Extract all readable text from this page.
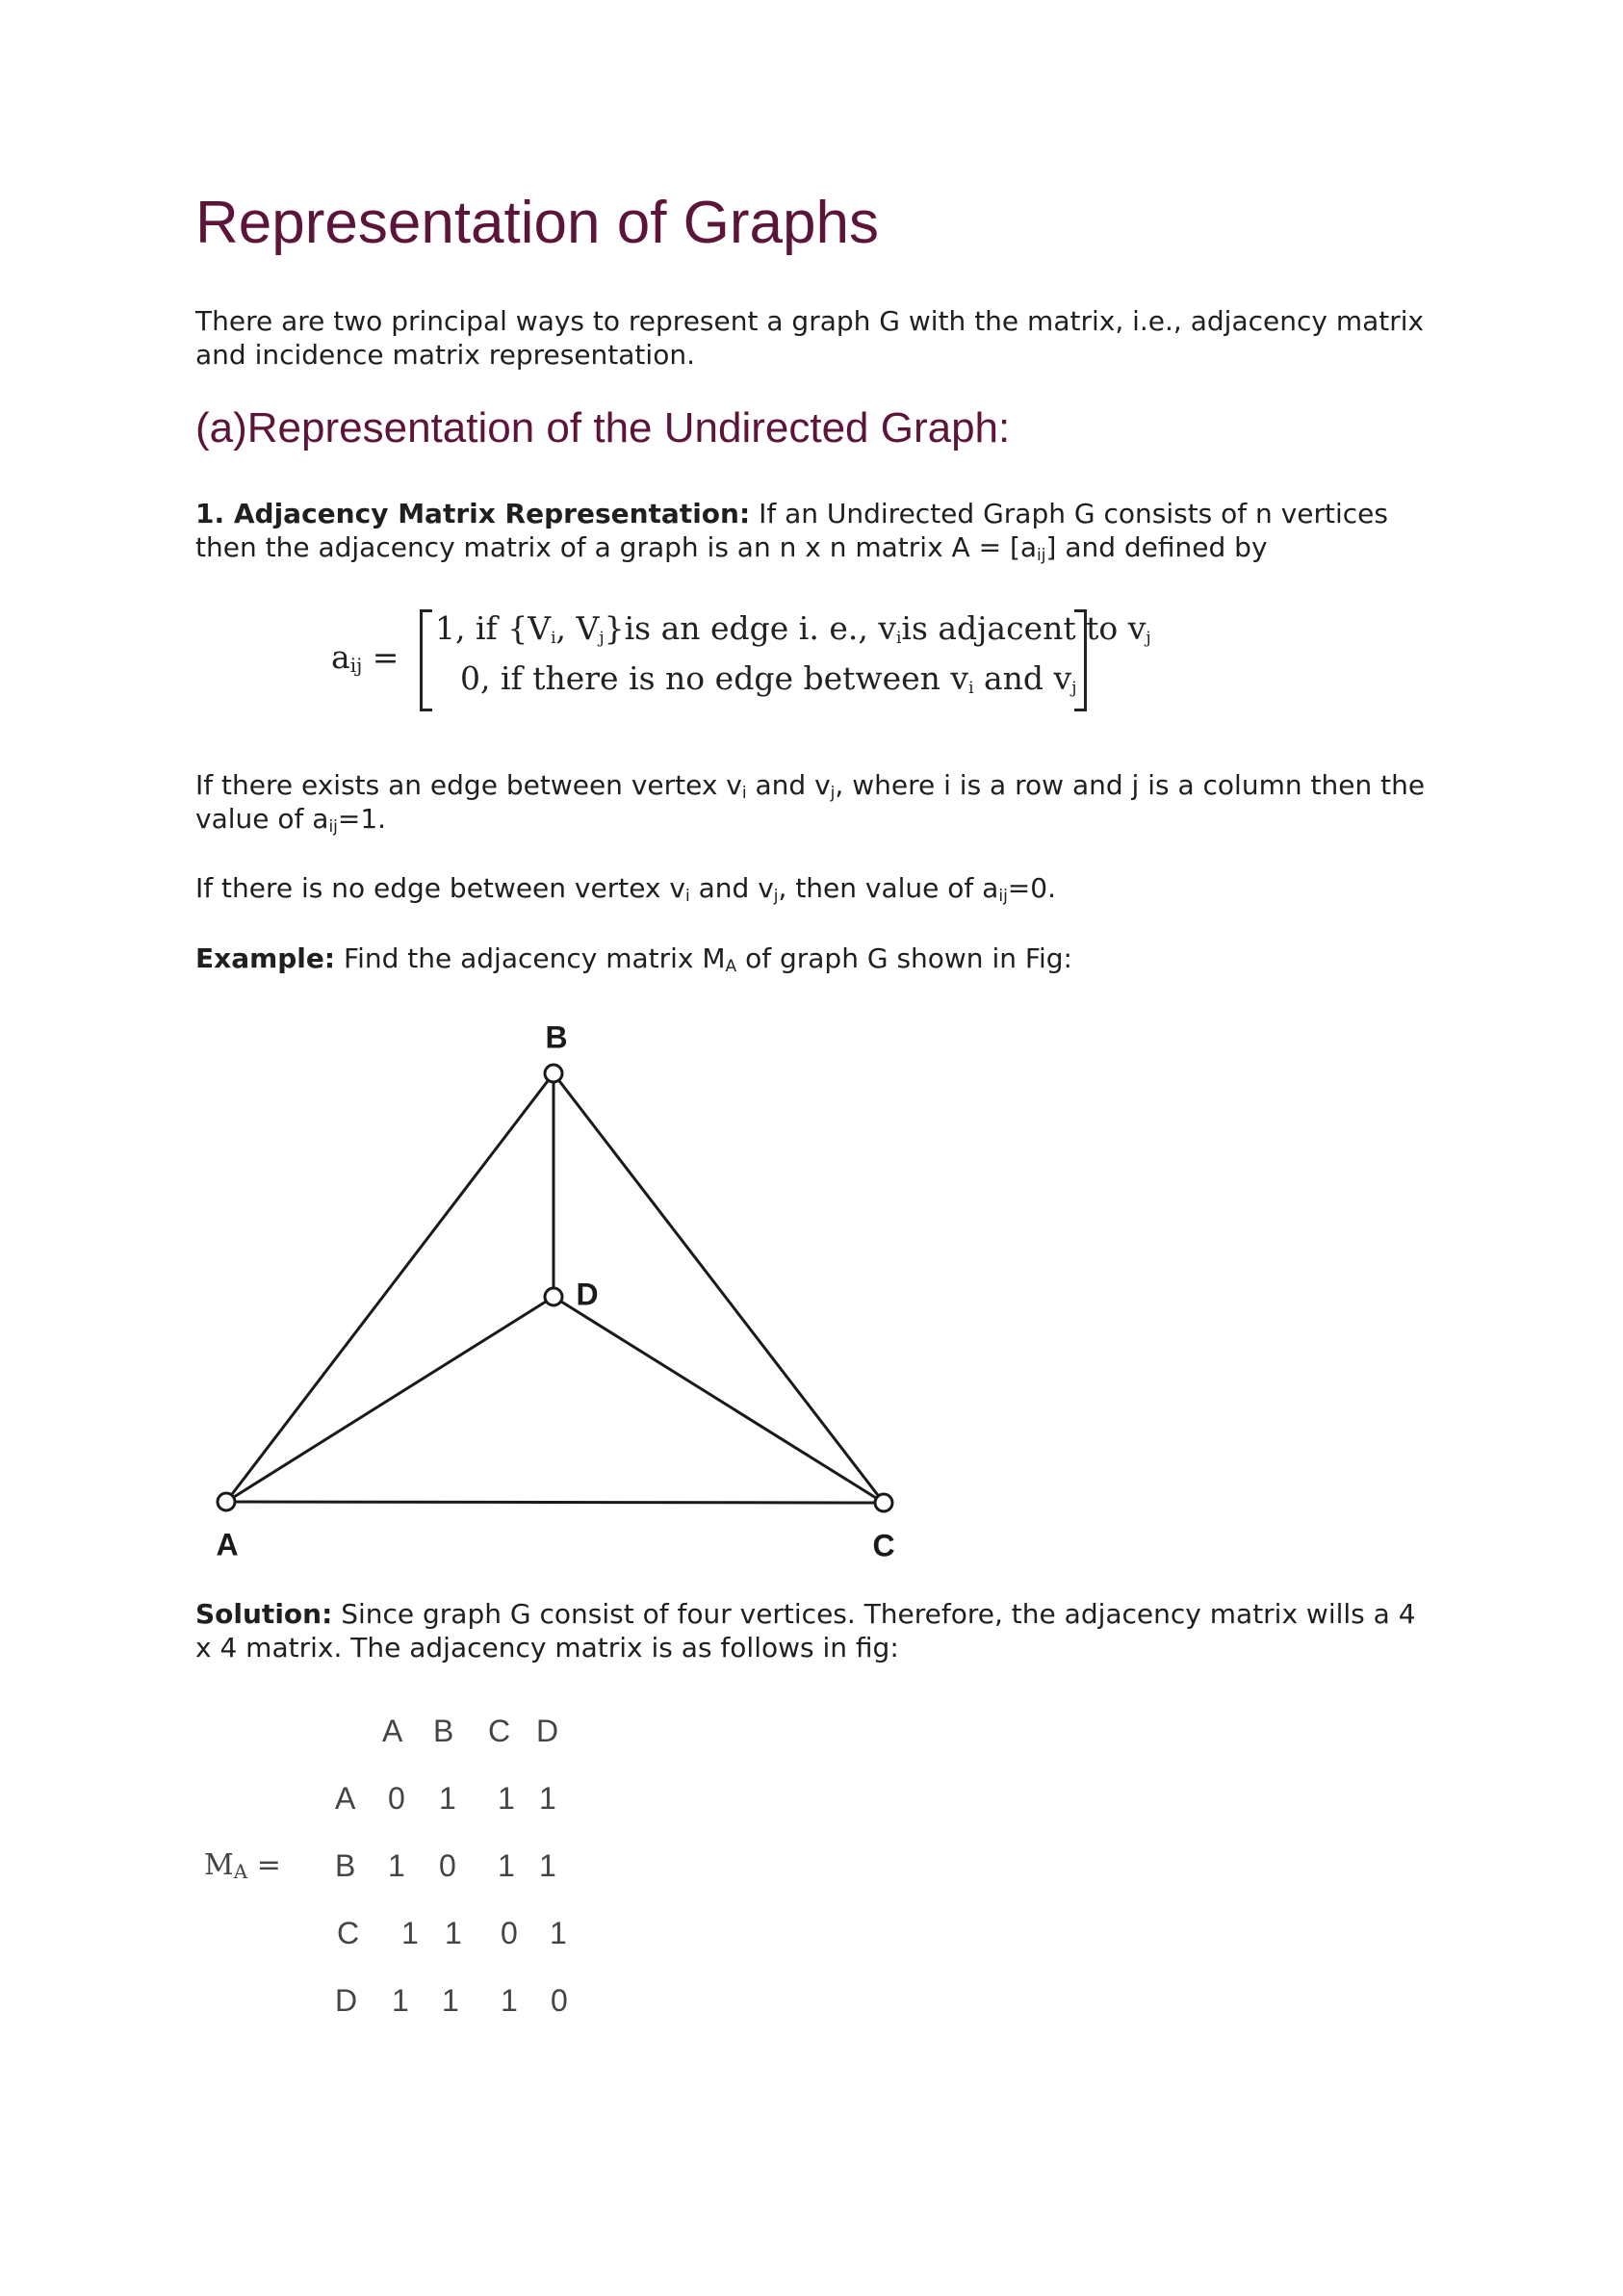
Representation of Graphs

There are two principal ways to represent a graph G with the matrix, i.e., adjacency matrix and incidence matrix representation.

(a)Representation of the Undirected Graph:

1. Adjacency Matrix Representation: If an Undirected Graph G consists of n vertices then the adjacency matrix of a graph is an n x n matrix $A = [a_{ij}]$ and defined by

$a_{ij}$ =
1, if {$V_i$, $V_j\}is$ an edge i. e., $v_iis$ adjacent to $v_j$
0, if there is no edge between $v_i$ and $v_j$

If there exists an edge between vertex $v_i$ and $v_j$, where i is a row and j is a column then the value of $a_{ij}=1$.

If there is no edge between vertex $v_i$ and $v_j$, then value of $a_{ij}=0$.

Example: Find the adjacency matrix $M_A$ of graph G shown in Fig:

A
B
C
D

Solution: Since graph G consist of four vertices. Therefore, the adjacency matrix wills a 4 x 4 matrix. The adjacency matrix is as follows in fig:

$M_A$ =
A B C D
A 0 1 1 1
B 1 0 1 1
C 1 1 0 1
D 1 1 1 0
